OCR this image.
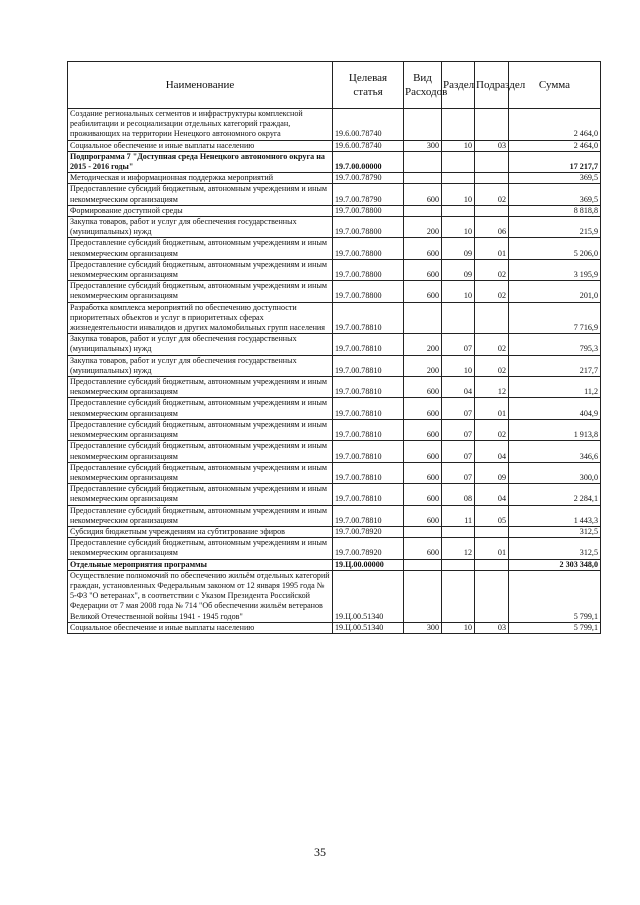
Наименование	Целевая статья	Вид Расходов	Раздел	Подраздел	Сумма
Создание региональных сегментов и инфраструктуры комплексной реабилитации и ресоциализации отдельных категорий граждан, проживающих на территории Ненецкого автономного округа	19.6.00.78740				2 464,0
Социальное обеспечение и иные выплаты населению	19.6.00.78740	300	10	03	2 464,0
Подпрограмма 7 "Доступная среда Ненецкого автономного округа на 2015 - 2016 годы"	19.7.00.00000				17 217,7
Методическая и информационная поддержка мероприятий	19.7.00.78790				369,5
Предоставление субсидий бюджетным, автономным учреждениям и иным некоммерческим организациям	19.7.00.78790	600	10	02	369,5
Формирование доступной среды	19.7.00.78800				8 818,8
Закупка товаров, работ и услуг для обеспечения государственных (муниципальных) нужд	19.7.00.78800	200	10	06	215,9
Предоставление субсидий бюджетным, автономным учреждениям и иным некоммерческим организациям	19.7.00.78800	600	09	01	5 206,0
Предоставление субсидий бюджетным, автономным учреждениям и иным некоммерческим организациям	19.7.00.78800	600	09	02	3 195,9
Предоставление субсидий бюджетным, автономным учреждениям и иным некоммерческим организациям	19.7.00.78800	600	10	02	201,0
Разработка комплекса мероприятий по обеспечению доступности приоритетных объектов и услуг в приоритетных сферах жизнедеятельности инвалидов и других маломобильных групп населения	19.7.00.78810				7 716,9
Закупка товаров, работ и услуг для обеспечения государственных (муниципальных) нужд	19.7.00.78810	200	07	02	795,3
Закупка товаров, работ и услуг для обеспечения государственных (муниципальных) нужд	19.7.00.78810	200	10	02	217,7
Предоставление субсидий бюджетным, автономным учреждениям и иным некоммерческим организациям	19.7.00.78810	600	04	12	11,2
Предоставление субсидий бюджетным, автономным учреждениям и иным некоммерческим организациям	19.7.00.78810	600	07	01	404,9
Предоставление субсидий бюджетным, автономным учреждениям и иным некоммерческим организациям	19.7.00.78810	600	07	02	1 913,8
Предоставление субсидий бюджетным, автономным учреждениям и иным некоммерческим организациям	19.7.00.78810	600	07	04	346,6
Предоставление субсидий бюджетным, автономным учреждениям и иным некоммерческим организациям	19.7.00.78810	600	07	09	300,0
Предоставление субсидий бюджетным, автономным учреждениям и иным некоммерческим организациям	19.7.00.78810	600	08	04	2 284,1
Предоставление субсидий бюджетным, автономным учреждениям и иным некоммерческим организациям	19.7.00.78810	600	11	05	1 443,3
Субсидия бюджетным учреждениям на субтитрование эфиров	19.7.00.78920				312,5
Предоставление субсидий бюджетным, автономным учреждениям и иным некоммерческим организациям	19.7.00.78920	600	12	01	312,5
Отдельные мероприятия программы	19.Ц.00.00000				2 303 348,0
Осуществление полномочий по обеспечению жильём отдельных категорий граждан, установленных Федеральным законом от 12 января 1995 года № 5-ФЗ "О ветеранах", в соответствии с Указом Президента Российской Федерации от 7 мая 2008 года № 714 "Об обеспечении жильём ветеранов Великой Отечественной войны 1941 - 1945 годов"	19.Ц.00.51340				5 799,1
Социальное обеспечение и иные выплаты населению	19.Ц.00.51340	300	10	03	5 799,1
35
